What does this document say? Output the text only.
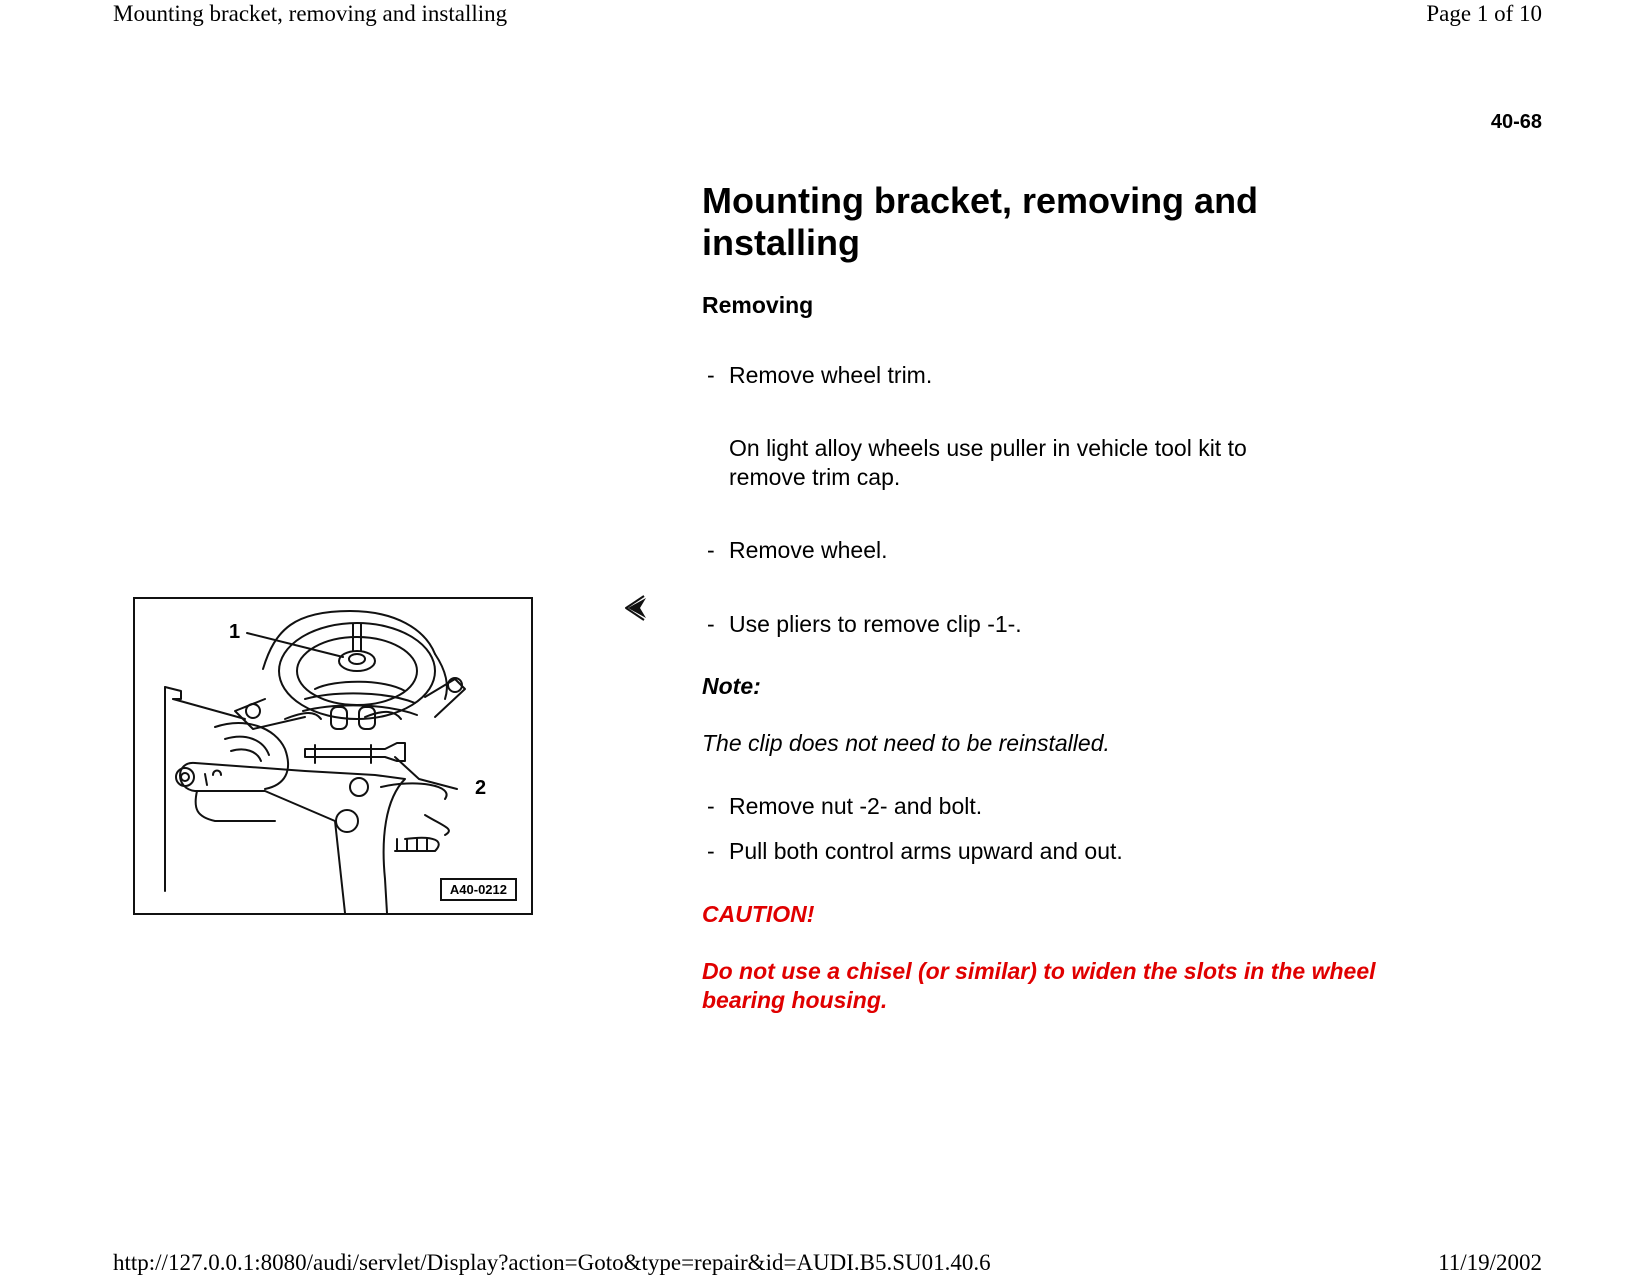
Mounting bracket, removing and installing	Page 1 of 10
40-68
1
2
A40-0212
Mounting bracket, removing and installing
Removing
- Remove wheel trim.
On light alloy wheels use puller in vehicle tool kit to remove trim cap.
- Remove wheel.
- Use pliers to remove clip -1-.
Note:
The clip does not need to be reinstalled.
- Remove nut -2- and bolt.
- Pull both control arms upward and out.
CAUTION!
Do not use a chisel (or similar) to widen the slots in the wheel bearing housing.
http://127.0.0.1:8080/audi/servlet/Display?action=Goto&type=repair&id=AUDI.B5.SU01.40.6	11/19/2002
